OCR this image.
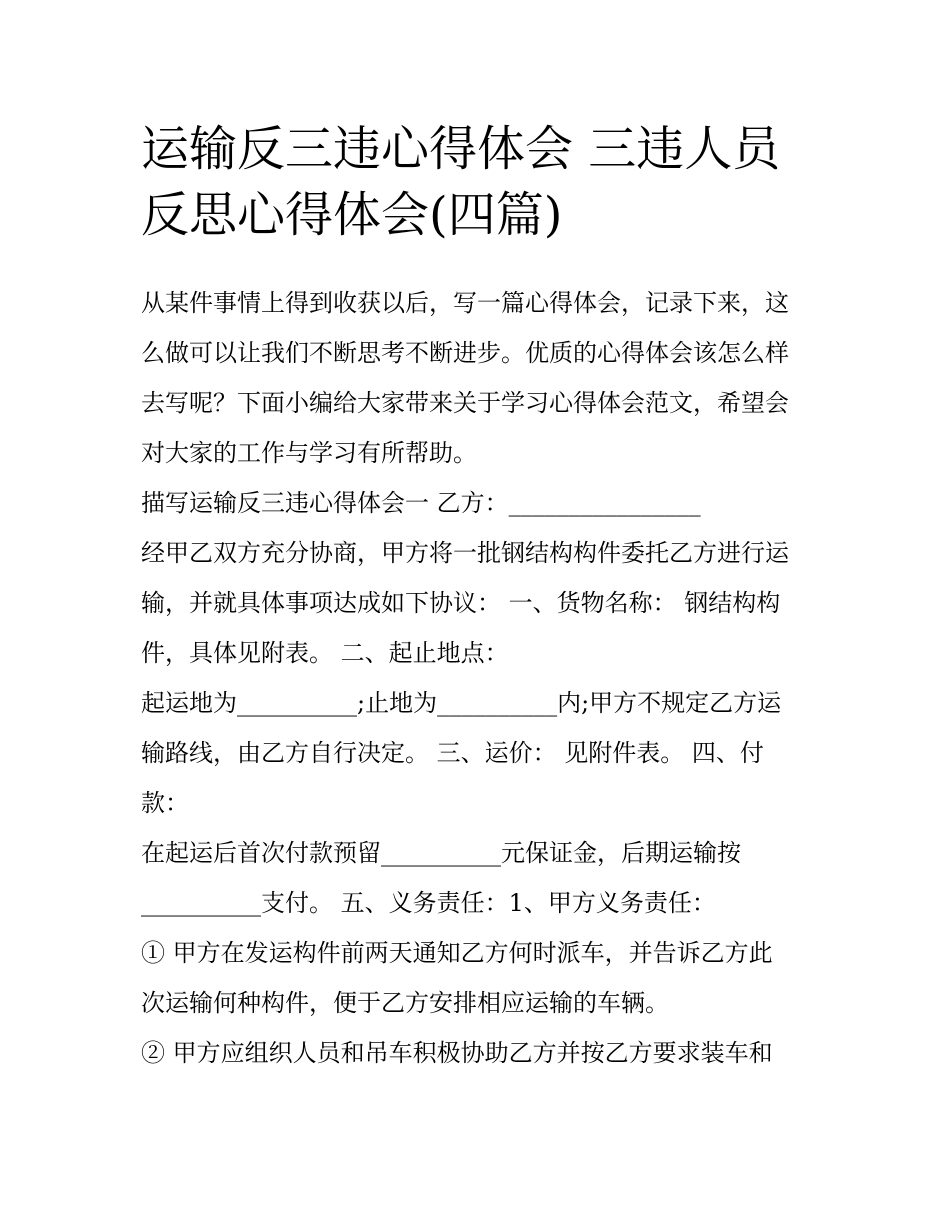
运输反三违心得体会 三违人员
反思心得体会(四篇)
从某件事情上得到收获以后，写一篇心得体会，记录下来，这
么做可以让我们不断思考不断进步。优质的心得体会该怎么样
去写呢？下面小编给大家带来关于学习心得体会范文，希望会
对大家的工作与学习有所帮助。
描写运输反三违心得体会一 乙方：________________
经甲乙双方充分协商，甲方将一批钢结构构件委托乙方进行运
输，并就具体事项达成如下协议： 一、货物名称： 钢结构构
件，具体见附表。 二、起止地点：
起运地为__________;止地为__________内;甲方不规定乙方运
输路线，由乙方自行决定。 三、运价： 见附件表。 四、付
款：
在起运后首次付款预留__________元保证金，后期运输按
__________支付。 五、义务责任：1、甲方义务责任：
① 甲方在发运构件前两天通知乙方何时派车，并告诉乙方此
次运输何种构件，便于乙方安排相应运输的车辆。
② 甲方应组织人员和吊车积极协助乙方并按乙方要求装车和
